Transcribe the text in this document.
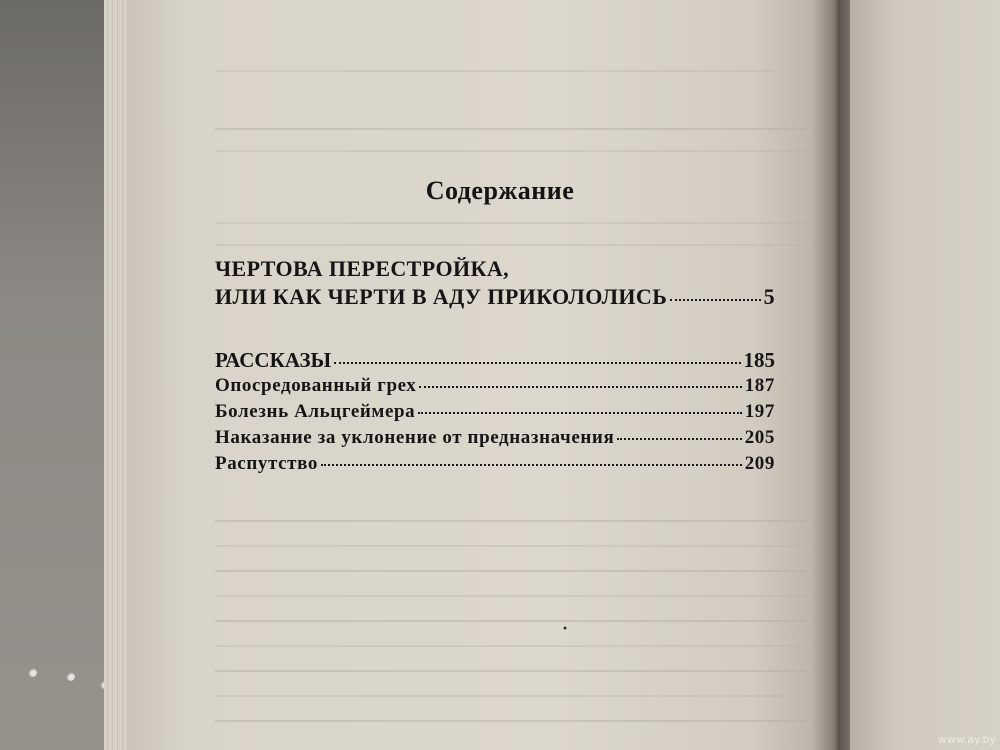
Содержание
ЧЕРТОВА ПЕРЕСТРОЙКА,
ИЛИ КАК ЧЕРТИ В АДУ ПРИКОЛОЛИСЬ	5
РАССКАЗЫ	185
Опосредованный грех	187
Болезнь Альцгеймера	197
Наказание за уклонение от предназначения	205
Распутство	209
·
www.ay.by
